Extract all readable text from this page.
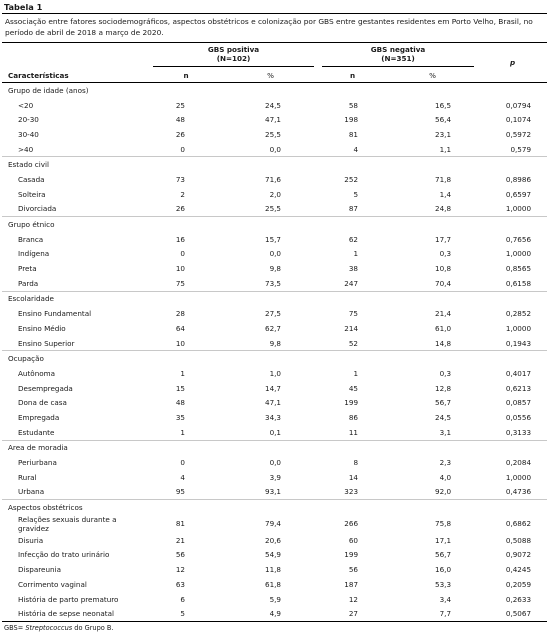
Tabela 1
Associação entre fatores sociodemográficos, aspectos obstétricos e colonização por GBS entre gestantes residentes em Porto Velho, Brasil, no período de abril de 2018 a março de 2020.
Características	GBS positiva
(N=102)		GBS negativa
(N=351)		p
	n	%	n	%	
Grupo de idade (anos)					
<20	25	24,5	58	16,5	0,0794
20-30	48	47,1	198	56,4	0,1074
30-40	26	25,5	81	23,1	0,5972
>40	0	0,0	4	1,1	0,579
Estado civil					
Casada	73	71,6	252	71,8	0,8986
Solteira	2	2,0	5	1,4	0,6597
Divorciada	26	25,5	87	24,8	1,0000
Grupo étnico					
Branca	16	15,7	62	17,7	0,7656
Indígena	0	0,0	1	0,3	1,0000
Preta	10	9,8	38	10,8	0,8565
Parda	75	73,5	247	70,4	0,6158
Escolaridade					
Ensino Fundamental	28	27,5	75	21,4	0,2852
Ensino Médio	64	62,7	214	61,0	1,0000
Ensino Superior	10	9,8	52	14,8	0,1943
Ocupação					
Autônoma	1	1,0	1	0,3	0,4017
Desempregada	15	14,7	45	12,8	0,6213
Dona de casa	48	47,1	199	56,7	0,0857
Empregada	35	34,3	86	24,5	0,0556
Estudante	1	0,1	11	3,1	0,3133
Area de moradia					
Periurbana	0	0,0	8	2,3	0,2084
Rural	4	3,9	14	4,0	1,0000
Urbana	95	93,1	323	92,0	0,4736
Aspectos obstétricos					
Relações sexuais durante a gravidez	81	79,4	266	75,8	0,6862
Disuria	21	20,6	60	17,1	0,5088
Infecção do trato urinário	56	54,9	199	56,7	0,9072
Dispareunia	12	11,8	56	16,0	0,4245
Corrimento vaginal	63	61,8	187	53,3	0,2059
História de parto prematuro	6	5,9	12	3,4	0,2633
História de sepse neonatal	5	4,9	27	7,7	0,5067
GBS= Streptococcus do Grupo B.
